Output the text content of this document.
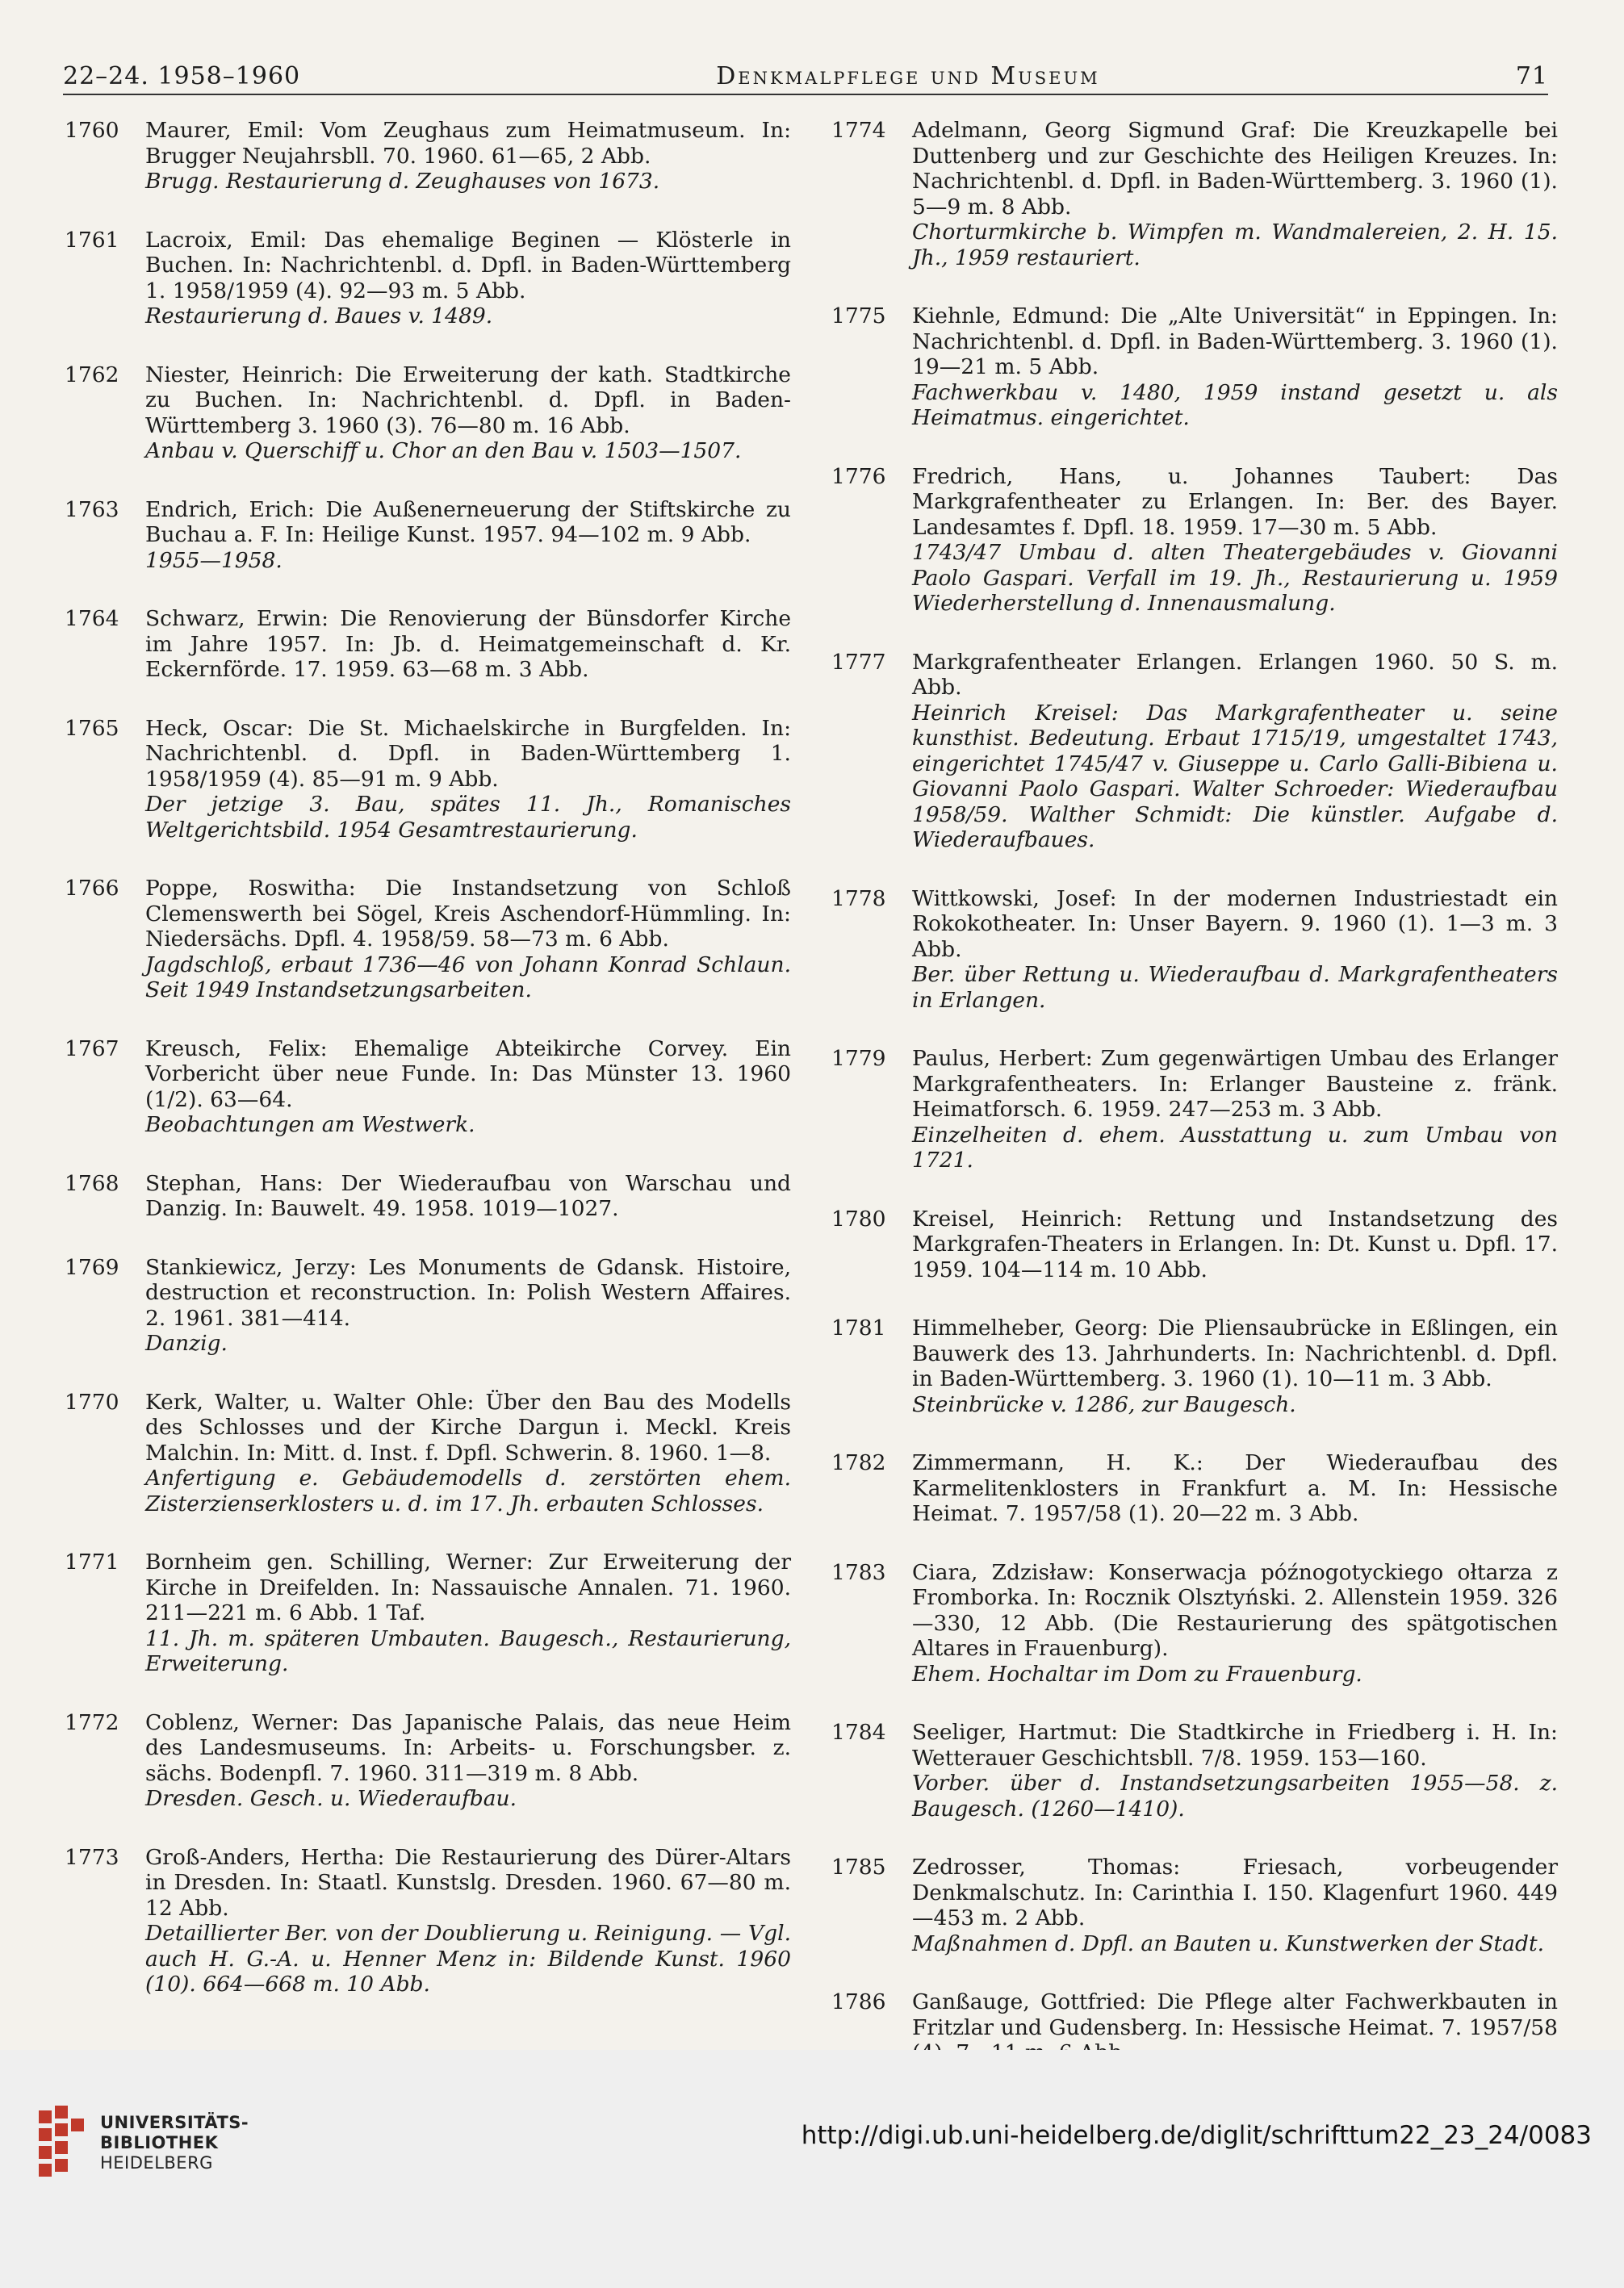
22–24. 1958–1960	Denkmalpflege und Museum	71
1760	Maurer, Emil: Vom Zeughaus zum Heimatmuseum. In: Brugger Neujahrsbll. 70. 1960. 61—65, 2 Abb.
Brugg. Restaurierung d. Zeughauses von 1673.
1761	Lacroix, Emil: Das ehemalige Beginen — Klösterle in Buchen. In: Nachrichtenbl. d. Dpfl. in Baden-Württemberg 1. 1958/1959 (4). 92—93 m. 5 Abb.
Restaurierung d. Baues v. 1489.
1762	Niester, Heinrich: Die Erweiterung der kath. Stadtkirche zu Buchen. In: Nachrichtenbl. d. Dpfl. in Baden-Württemberg 3. 1960 (3). 76—80 m. 16 Abb.
Anbau v. Querschiff u. Chor an den Bau v. 1503—1507.
1763	Endrich, Erich: Die Außenerneuerung der Stiftskirche zu Buchau a. F. In: Heilige Kunst. 1957. 94—102 m. 9 Abb.
1955—1958.
1764	Schwarz, Erwin: Die Renovierung der Bünsdorfer Kirche im Jahre 1957. In: Jb. d. Heimatgemeinschaft d. Kr. Eckernförde. 17. 1959. 63—68 m. 3 Abb.
1765	Heck, Oscar: Die St. Michaelskirche in Burgfelden. In: Nachrichtenbl. d. Dpfl. in Baden-Württemberg 1. 1958/1959 (4). 85—91 m. 9 Abb.
Der jetzige 3. Bau, spätes 11. Jh., Romanisches Weltgerichtsbild. 1954 Gesamtrestaurierung.
1766	Poppe, Roswitha: Die Instandsetzung von Schloß Clemenswerth bei Sögel, Kreis Aschendorf-Hümmling. In: Niedersächs. Dpfl. 4. 1958/59. 58—73 m. 6 Abb.
Jagdschloß, erbaut 1736—46 von Johann Konrad Schlaun. Seit 1949 Instandsetzungsarbeiten.
1767	Kreusch, Felix: Ehemalige Abteikirche Corvey. Ein Vorbericht über neue Funde. In: Das Münster 13. 1960 (1/2). 63—64.
Beobachtungen am Westwerk.
1768	Stephan, Hans: Der Wiederaufbau von Warschau und Danzig. In: Bauwelt. 49. 1958. 1019—1027.
1769	Stankiewicz, Jerzy: Les Monuments de Gdansk. Histoire, destruction et reconstruction. In: Polish Western Affaires. 2. 1961. 381—414.
Danzig.
1770	Kerk, Walter, u. Walter Ohle: Über den Bau des Modells des Schlosses und der Kirche Dargun i. Meckl. Kreis Malchin. In: Mitt. d. Inst. f. Dpfl. Schwerin. 8. 1960. 1—8.
Anfertigung e. Gebäudemodells d. zerstörten ehem. Zisterzienserklosters u. d. im 17. Jh. erbauten Schlosses.
1771	Bornheim gen. Schilling, Werner: Zur Erweiterung der Kirche in Dreifelden. In: Nassauische Annalen. 71. 1960. 211—221 m. 6 Abb. 1 Taf.
11. Jh. m. späteren Umbauten. Baugesch., Restaurierung, Erweiterung.
1772	Coblenz, Werner: Das Japanische Palais, das neue Heim des Landesmuseums. In: Arbeits- u. Forschungsber. z. sächs. Bodenpfl. 7. 1960. 311—319 m. 8 Abb.
Dresden. Gesch. u. Wiederaufbau.
1773	Groß-Anders, Hertha: Die Restaurierung des Dürer-Altars in Dresden. In: Staatl. Kunstslg. Dresden. 1960. 67—80 m. 12 Abb.
Detaillierter Ber. von der Doublierung u. Reinigung. — Vgl. auch H. G.-A. u. Henner Menz in: Bildende Kunst. 1960 (10). 664—668 m. 10 Abb.
1774	Adelmann, Georg Sigmund Graf: Die Kreuzkapelle bei Duttenberg und zur Geschichte des Heiligen Kreuzes. In: Nachrichtenbl. d. Dpfl. in Baden-Württemberg. 3. 1960 (1). 5—9 m. 8 Abb.
Chorturmkirche b. Wimpfen m. Wandmalereien, 2. H. 15. Jh., 1959 restauriert.
1775	Kiehnle, Edmund: Die „Alte Universität“ in Eppingen. In: Nachrichtenbl. d. Dpfl. in Baden-Württemberg. 3. 1960 (1). 19—21 m. 5 Abb.
Fachwerkbau v. 1480, 1959 instand gesetzt u. als Heimatmus. eingerichtet.
1776	Fredrich, Hans, u. Johannes Taubert: Das Markgrafentheater zu Erlangen. In: Ber. des Bayer. Landesamtes f. Dpfl. 18. 1959. 17—30 m. 5 Abb.
1743/47 Umbau d. alten Theatergebäudes v. Giovanni Paolo Gaspari. Verfall im 19. Jh., Restaurierung u. 1959 Wiederherstellung d. Innenausmalung.
1777	Markgrafentheater Erlangen. Erlangen 1960. 50 S. m. Abb.
Heinrich Kreisel: Das Markgrafentheater u. seine kunsthist. Bedeutung. Erbaut 1715/19, umgestaltet 1743, eingerichtet 1745/47 v. Giuseppe u. Carlo Galli-Bibiena u. Giovanni Paolo Gaspari. Walter Schroeder: Wiederaufbau 1958/59. Walther Schmidt: Die künstler. Aufgabe d. Wiederaufbaues.
1778	Wittkowski, Josef: In der modernen Industriestadt ein Rokokotheater. In: Unser Bayern. 9. 1960 (1). 1—3 m. 3 Abb.
Ber. über Rettung u. Wiederaufbau d. Markgrafentheaters in Erlangen.
1779	Paulus, Herbert: Zum gegenwärtigen Umbau des Erlanger Markgrafentheaters. In: Erlanger Bausteine z. fränk. Heimatforsch. 6. 1959. 247—253 m. 3 Abb.
Einzelheiten d. ehem. Ausstattung u. zum Umbau von 1721.
1780	Kreisel, Heinrich: Rettung und Instandsetzung des Markgrafen-Theaters in Erlangen. In: Dt. Kunst u. Dpfl. 17. 1959. 104—114 m. 10 Abb.
1781	Himmelheber, Georg: Die Pliensaubrücke in Eßlingen, ein Bauwerk des 13. Jahrhunderts. In: Nachrichtenbl. d. Dpfl. in Baden-Württemberg. 3. 1960 (1). 10—11 m. 3 Abb.
Steinbrücke v. 1286, zur Baugesch.
1782	Zimmermann, H. K.: Der Wiederaufbau des Karmelitenklosters in Frankfurt a. M. In: Hessische Heimat. 7. 1957/58 (1). 20—22 m. 3 Abb.
1783	Ciara, Zdzisław: Konserwacja późnogotyckiego ołtarza z Fromborka. In: Rocznik Olsztyński. 2. Allenstein 1959. 326—330, 12 Abb. (Die Restaurierung des spätgotischen Altares in Frauenburg).
Ehem. Hochaltar im Dom zu Frauenburg.
1784	Seeliger, Hartmut: Die Stadtkirche in Friedberg i. H. In: Wetterauer Geschichtsbll. 7/8. 1959. 153—160.
Vorber. über d. Instandsetzungsarbeiten 1955—58. z. Baugesch. (1260—1410).
1785	Zedrosser, Thomas: Friesach, vorbeugender Denkmalschutz. In: Carinthia I. 150. Klagenfurt 1960. 449—453 m. 2 Abb.
Maßnahmen d. Dpfl. an Bauten u. Kunstwerken der Stadt.
1786	Ganßauge, Gottfried: Die Pflege alter Fachwerkbauten in Fritzlar und Gudensberg. In: Hessische Heimat. 7. 1957/58
UNIVERSITÄTS-
BIBLIOTHEK
HEIDELBERG
http://digi.ub.uni-heidelberg.de/diglit/schrifttum22_23_24/0083
